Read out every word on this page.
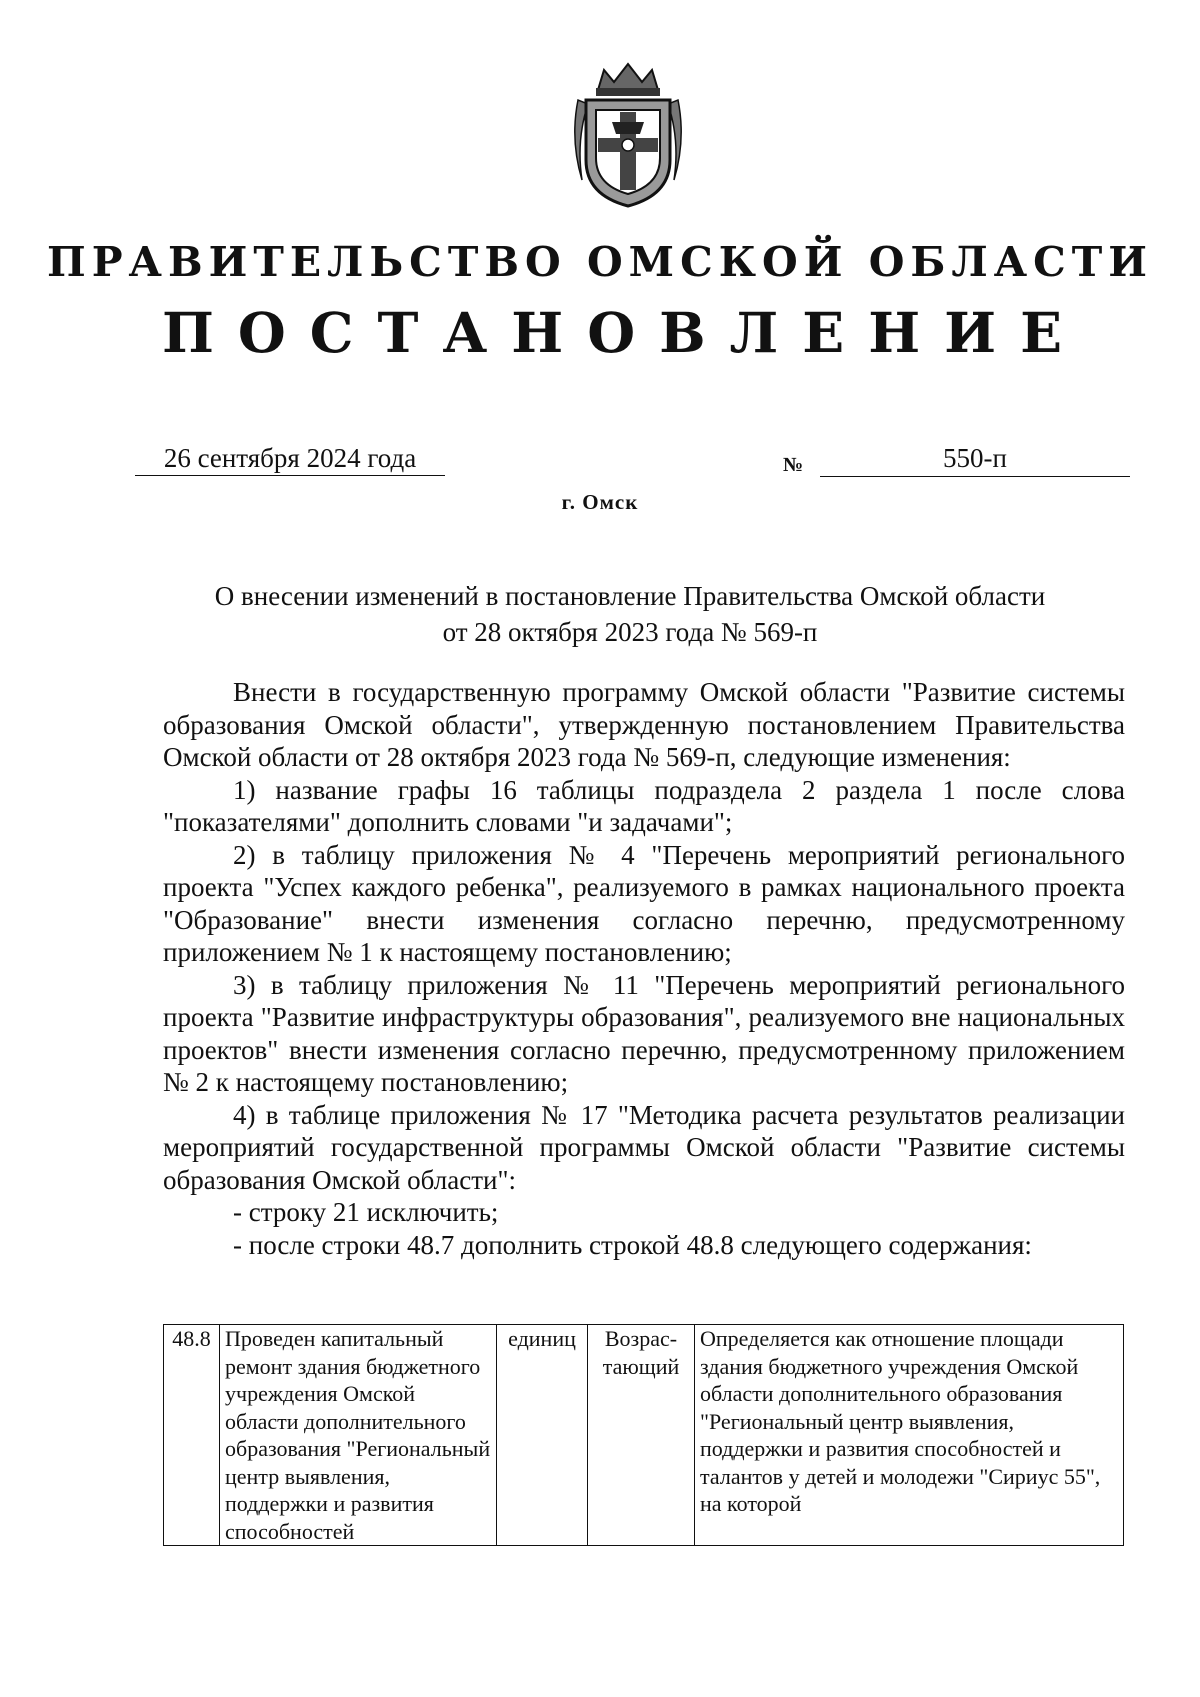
ПРАВИТЕЛЬСТВО ОМСКОЙ ОБЛАСТИ
ПОСТАНОВЛЕНИЕ
26 сентября 2024 года	№	550-п
г. Омск
О внесении изменений в постановление Правительства Омской области
от 28 октября 2023 года № 569-п

Внести в государственную программу Омской области "Развитие системы образования Омской области", утвержденную постановлением Правительства Омской области от 28 октября 2023 года № 569-п, следующие изменения:

1) название графы 16 таблицы подраздела 2 раздела 1 после слова "показателями" дополнить словами "и задачами";

2) в таблицу приложения № 4 "Перечень мероприятий регионального проекта "Успех каждого ребенка", реализуемого в рамках национального проекта "Образование" внести изменения согласно перечню, предусмотренному приложением № 1 к настоящему постановлению;

3) в таблицу приложения № 11 "Перечень мероприятий регионального проекта "Развитие инфраструктуры образования", реализуемого вне национальных проектов" внести изменения согласно перечню, предусмотренному приложением № 2 к настоящему постановлению;

4) в таблице приложения № 17 "Методика расчета результатов реализации мероприятий государственной программы Омской области "Развитие системы образования Омской области":

- строку 21 исключить;

- после строки 48.7 дополнить строкой 48.8 следующего содержания:

48.8	Проведен капитальный ремонт здания бюджетного учреждения Омской области дополнительного образования "Региональный центр выявления, поддержки и развития способностей	единиц	Возрас-тающий	Определяется как отношение площади здания бюджетного учреждения Омской области дополнительного образования "Региональный центр выявления, поддержки и развития способностей и талантов у детей и молодежи "Сириус 55", на которой
